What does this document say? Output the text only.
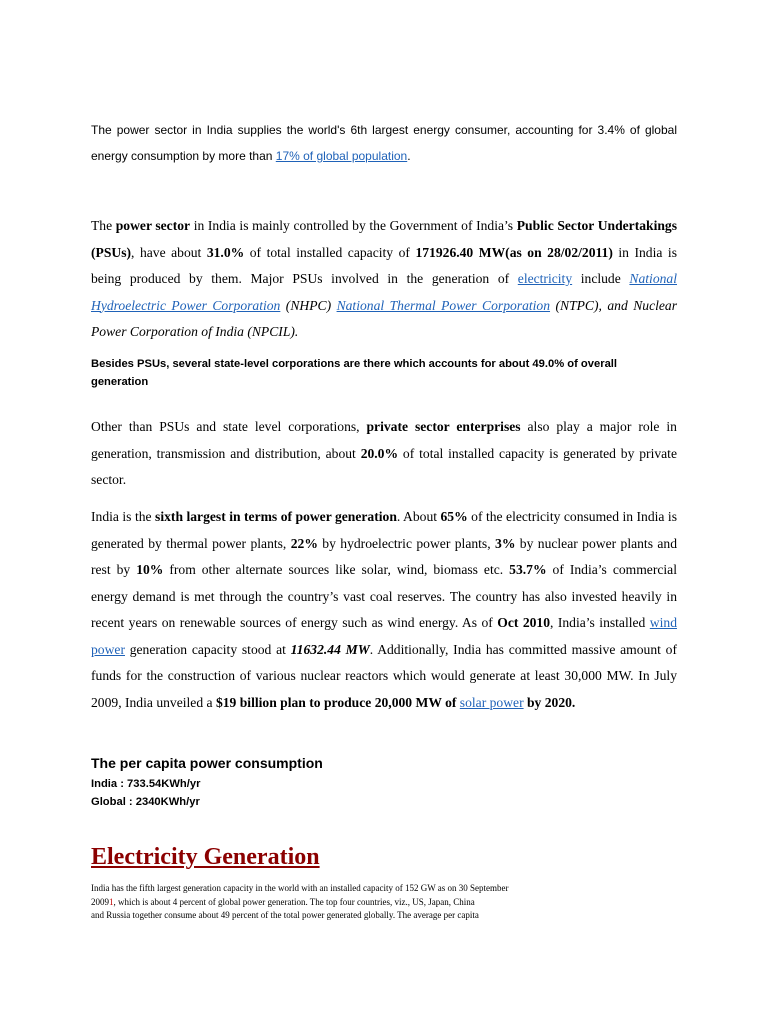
The power sector in India supplies the world's 6th largest energy consumer, accounting for 3.4% of global energy consumption by more than 17% of global population.
The power sector in India is mainly controlled by the Government of India’s Public Sector Undertakings (PSUs), have about 31.0% of total installed capacity of 171926.40 MW(as on 28/02/2011) in India is being produced by them. Major PSUs involved in the generation of electricity include National Hydroelectric Power Corporation (NHPC) National Thermal Power Corporation (NTPC), and Nuclear Power Corporation of India (NPCIL).
Besides PSUs, several state-level corporations are there which accounts for about 49.0% of overall generation
Other than PSUs and state level corporations, private sector enterprises also play a major role in generation, transmission and distribution, about 20.0% of total installed capacity is generated by private sector.
India is the sixth largest in terms of power generation. About 65% of the electricity consumed in India is generated by thermal power plants, 22% by hydroelectric power plants, 3% by nuclear power plants and rest by 10% from other alternate sources like solar, wind, biomass etc. 53.7% of India’s commercial energy demand is met through the country’s vast coal reserves. The country has also invested heavily in recent years on renewable sources of energy such as wind energy. As of Oct 2010, India’s installed wind power generation capacity stood at 11632.44 MW. Additionally, India has committed massive amount of funds for the construction of various nuclear reactors which would generate at least 30,000 MW. In July 2009, India unveiled a $19 billion plan to produce 20,000 MW of solar power by 2020.
The per capita power consumption
India : 733.54KWh/yr
Global : 2340KWh/yr
Electricity Generation
India has the fifth largest generation capacity in the world with an installed capacity of 152 GW as on 30 September
20091, which is about 4 percent of global power generation. The top four countries, viz., US, Japan, China
and Russia together consume about 49 percent of the total power generated globally. The average per capita
